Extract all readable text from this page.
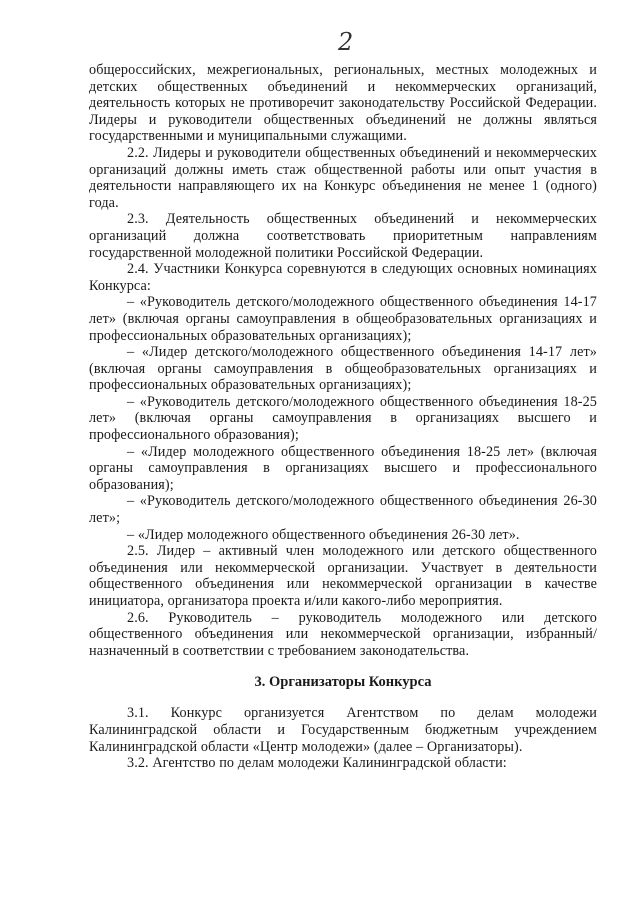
2

общероссийских, межрегиональных, региональных, местных молодежных и детских общественных объединений и некоммерческих организаций, деятельность которых не противоречит законодательству Российской Федерации. Лидеры и руководители общественных объединений не должны являться государственными и муниципальными служащими.

2.2. Лидеры и руководители общественных объединений и некоммерческих организаций должны иметь стаж общественной работы или опыт участия в деятельности направляющего их на Конкурс объединения не менее 1 (одного) года.

2.3. Деятельность общественных объединений и некоммерческих организаций должна соответствовать приоритетным направлениям государственной молодежной политики Российской Федерации.

2.4. Участники Конкурса соревнуются в следующих основных номинациях Конкурса:

– «Руководитель детского/молодежного общественного объединения 14-17 лет» (включая органы самоуправления в общеобразовательных организациях и профессиональных образовательных организациях);

– «Лидер детского/молодежного общественного объединения 14-17 лет» (включая органы самоуправления в общеобразовательных организациях и профессиональных образовательных организациях);

– «Руководитель детского/молодежного общественного объединения 18-25 лет» (включая органы самоуправления в организациях высшего и профессионального образования);

– «Лидер молодежного общественного объединения 18-25 лет» (включая органы самоуправления в организациях высшего и профессионального образования);

– «Руководитель детского/молодежного общественного объединения 26-30 лет»;

– «Лидер молодежного общественного объединения 26-30 лет».

2.5. Лидер – активный член молодежного или детского общественного объединения или некоммерческой организации. Участвует в деятельности общественного объединения или некоммерческой организации в качестве инициатора, организатора проекта и/или какого-либо мероприятия.

2.6. Руководитель – руководитель молодежного или детского общественного объединения или некоммерческой организации, избранный/назначенный в соответствии с требованием законодательства.

3. Организаторы Конкурса

3.1. Конкурс организуется Агентством по делам молодежи Калининградской области и Государственным бюджетным учреждением Калининградской области «Центр молодежи» (далее – Организаторы).

3.2. Агентство по делам молодежи Калининградской области:
